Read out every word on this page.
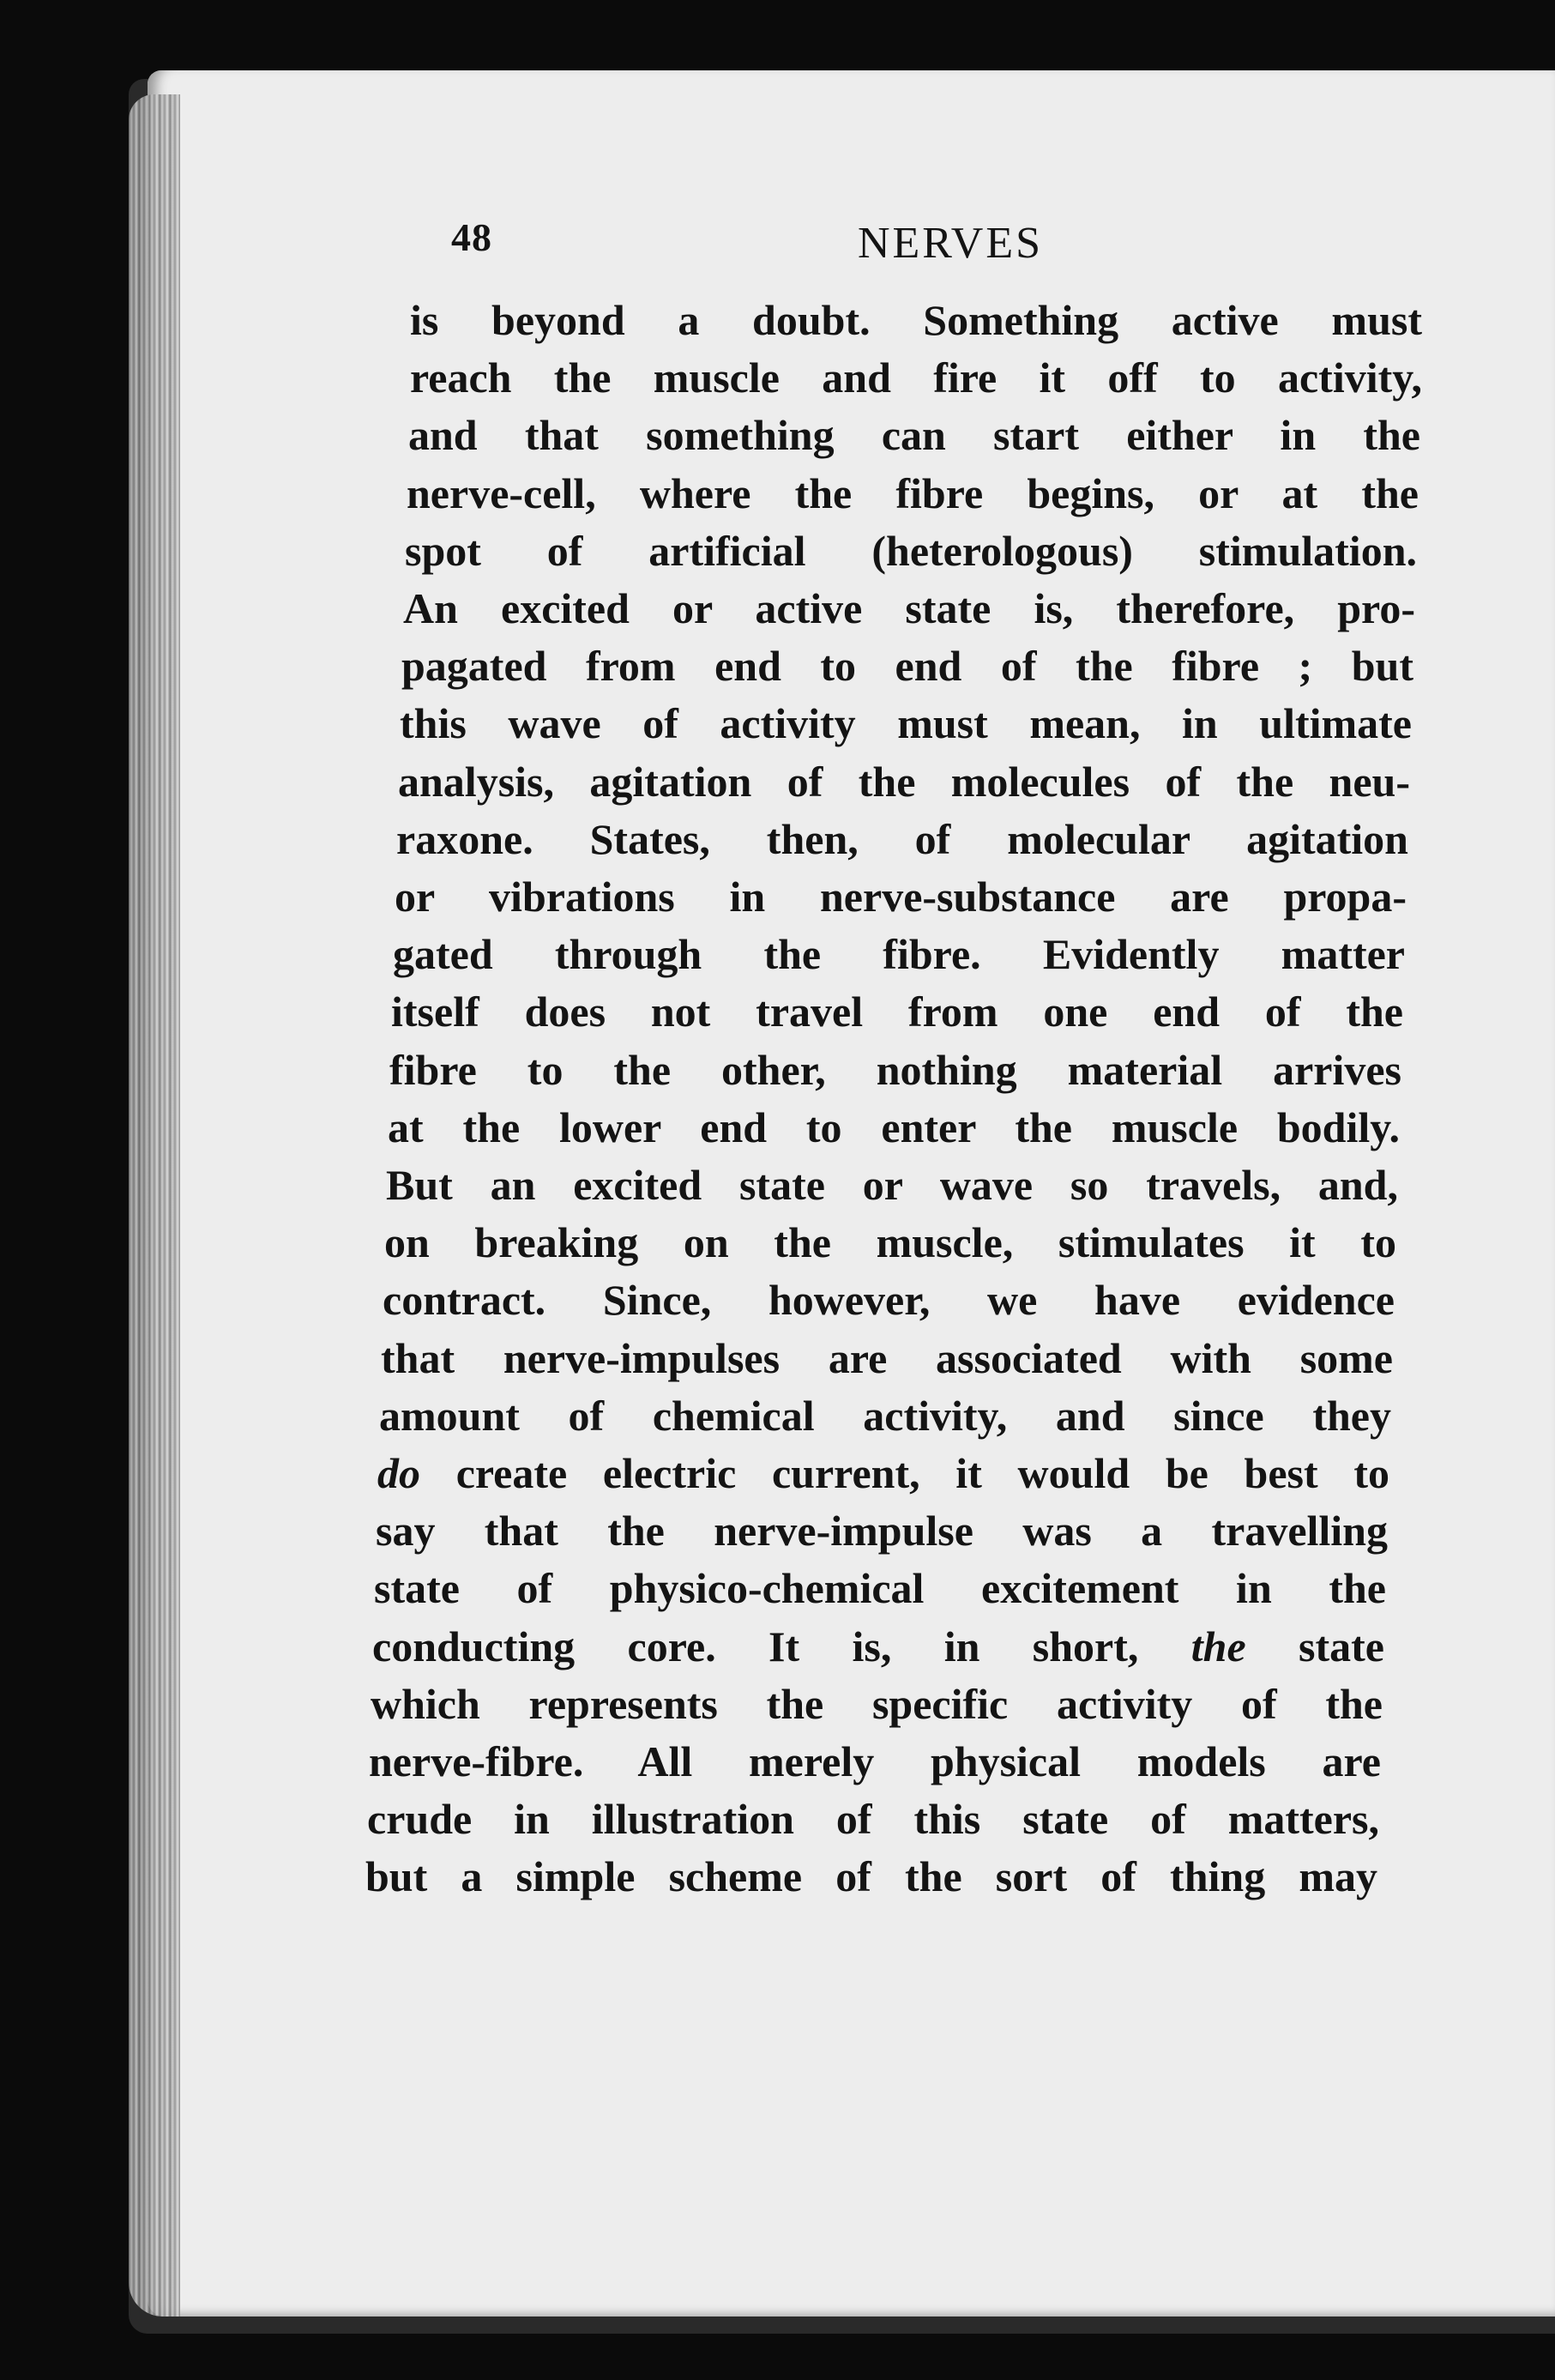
48	NERVES
is beyond a doubt. Something active must
reach the muscle and fire it off to activity,
and that something can start either in the
nerve-cell, where the fibre begins, or at the
spot of artificial (heterologous) stimulation.
An excited or active state is, therefore, pro-
pagated from end to end of the fibre ; but
this wave of activity must mean, in ultimate
analysis, agitation of the molecules of the neu-
raxone. States, then, of molecular agitation
or vibrations in nerve-substance are propa-
gated through the fibre. Evidently matter
itself does not travel from one end of the
fibre to the other, nothing material arrives
at the lower end to enter the muscle bodily.
But an excited state or wave so travels, and,
on breaking on the muscle, stimulates it to
contract. Since, however, we have evidence
that nerve-impulses are associated with some
amount of chemical activity, and since they
do create electric current, it would be best to
say that the nerve-impulse was a travelling
state of physico-chemical excitement in the
conducting core. It is, in short, the state
which represents the specific activity of the
nerve-fibre. All merely physical models are
crude in illustration of this state of matters,
but a simple scheme of the sort of thing may
